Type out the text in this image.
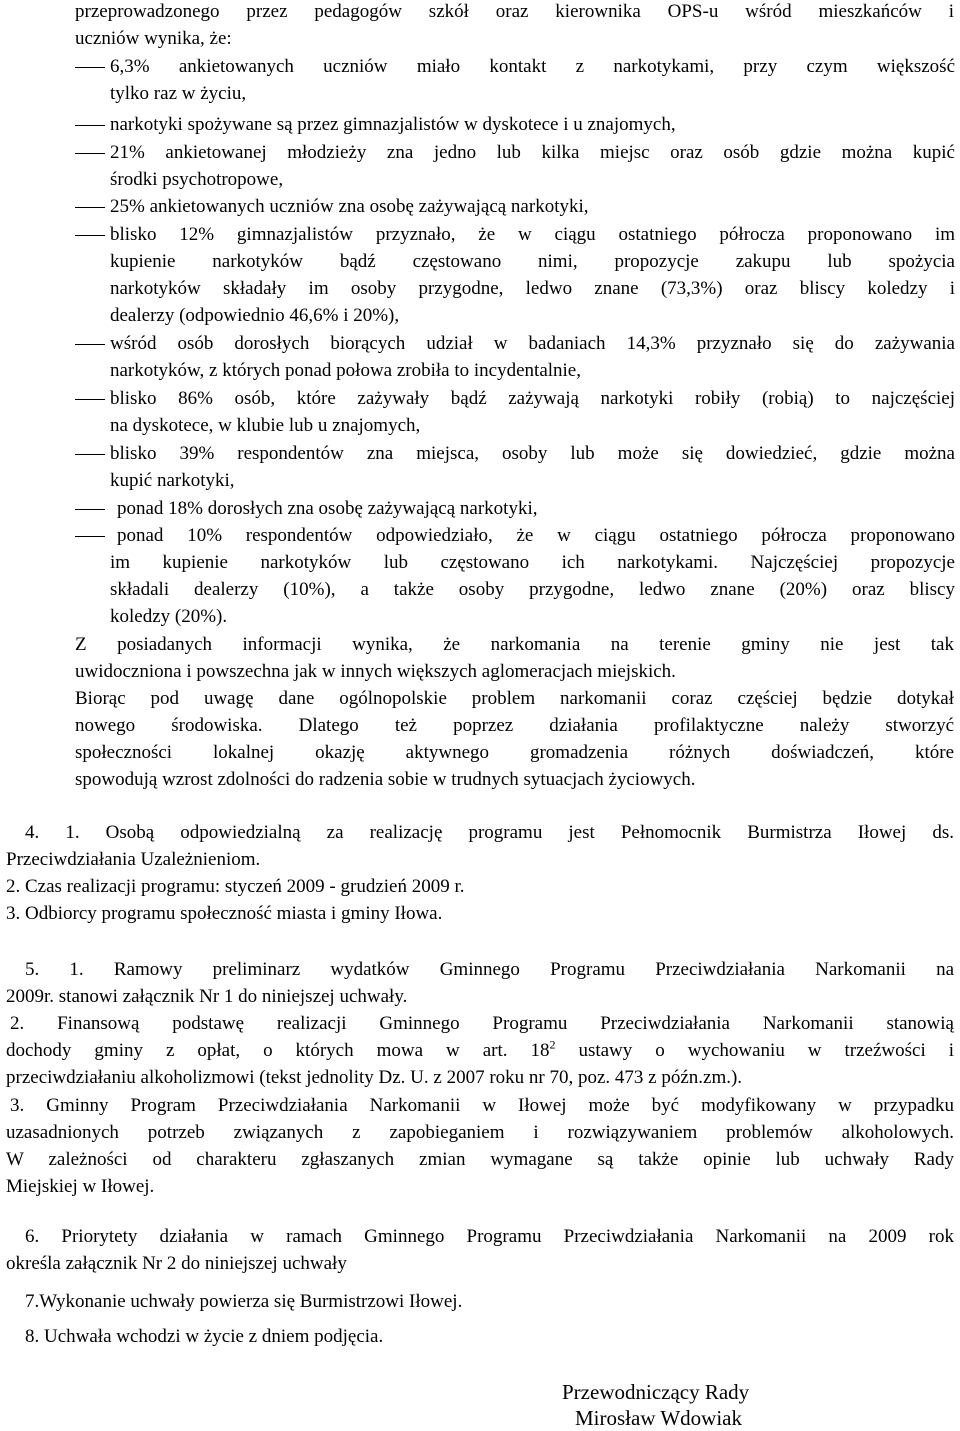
przeprowadzonego przez pedagogów szkół oraz kierownika OPS-u wśród mieszkańców i
uczniów wynika, że:
6,3% ankietowanych uczniów miało kontakt z narkotykami, przy czym większość
tylko raz w życiu,
narkotyki spożywane są przez gimnazjalistów w dyskotece i u znajomych,
21% ankietowanej młodzieży zna jedno lub kilka miejsc oraz osób gdzie można kupić
środki psychotropowe,
25% ankietowanych uczniów zna osobę zażywającą narkotyki,
blisko 12% gimnazjalistów przyznało, że w ciągu ostatniego półrocza proponowano im
kupienie narkotyków bądź częstowano nimi, propozycje zakupu lub spożycia
narkotyków składały im osoby przygodne, ledwo znane (73,3%) oraz bliscy koledzy i
dealerzy (odpowiednio 46,6% i 20%),
wśród osób dorosłych biorących udział w badaniach 14,3% przyznało się do zażywania
narkotyków, z których ponad połowa zrobiła to incydentalnie,
blisko 86% osób, które zażywały bądź zażywają narkotyki robiły (robią) to najczęściej
na dyskotece, w klubie lub u znajomych,
blisko 39% respondentów zna miejsca, osoby lub może się dowiedzieć, gdzie można
kupić narkotyki,
ponad 18% dorosłych zna osobę zażywającą narkotyki,
ponad 10% respondentów odpowiedziało, że w ciągu ostatniego półrocza proponowano
im kupienie narkotyków lub częstowano ich narkotykami. Najczęściej propozycje
składali dealerzy (10%), a także osoby przygodne, ledwo znane (20%) oraz bliscy
koledzy (20%).
Z posiadanych informacji wynika, że narkomania na terenie gminy nie jest tak
uwidoczniona i powszechna jak w innych większych aglomeracjach miejskich.
Biorąc pod uwagę dane ogólnopolskie problem narkomanii coraz częściej będzie dotykał
nowego środowiska. Dlatego też poprzez działania profilaktyczne należy stworzyć
społeczności lokalnej okazję aktywnego gromadzenia różnych doświadczeń, które
spowodują wzrost zdolności do radzenia sobie w trudnych sytuacjach życiowych.
4. 1. Osobą odpowiedzialną za realizację programu jest Pełnomocnik Burmistrza Iłowej ds.
Przeciwdziałania Uzależnieniom.
2. Czas realizacji programu: styczeń 2009 - grudzień 2009 r.
3. Odbiorcy programu społeczność miasta i gminy Iłowa.
5. 1. Ramowy preliminarz wydatków Gminnego Programu Przeciwdziałania Narkomanii na
2009r. stanowi załącznik Nr 1 do niniejszej uchwały.
2. Finansową podstawę realizacji Gminnego Programu Przeciwdziałania Narkomanii stanowią
dochody gminy z opłat, o których mowa w art. $18^2$ ustawy o wychowaniu w trzeźwości i
przeciwdziałaniu alkoholizmowi (tekst jednolity Dz. U. z 2007 roku nr 70, poz. 473 z późn.zm.).
3. Gminny Program Przeciwdziałania Narkomanii w Iłowej może być modyfikowany w przypadku
uzasadnionych potrzeb związanych z zapobieganiem i rozwiązywaniem problemów alkoholowych.
W zależności od charakteru zgłaszanych zmian wymagane są także opinie lub uchwały Rady
Miejskiej w Iłowej.
6. Priorytety działania w ramach Gminnego Programu Przeciwdziałania Narkomanii na 2009 rok
określa załącznik Nr 2 do niniejszej uchwały
7.Wykonanie uchwały powierza się Burmistrzowi Iłowej.
8. Uchwała wchodzi w życie z dniem podjęcia.
Przewodniczący Rady
Mirosław Wdowiak
